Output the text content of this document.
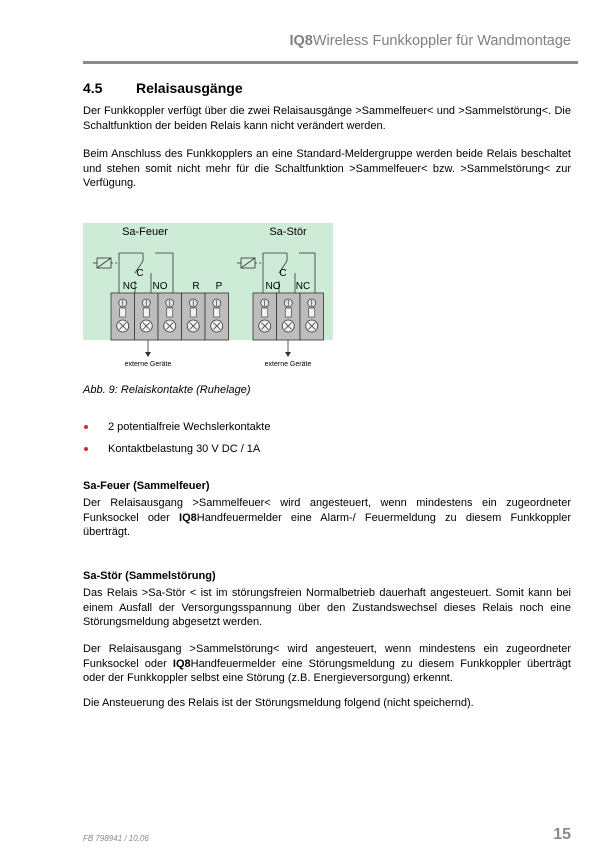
IQ8Wireless Funkkoppler für Wandmontage
4.5 Relaisausgänge

Der Funkkoppler verfügt über die zwei Relaisausgänge >Sammelfeuer< und >Sammelstörung<. Die Schaltfunktion der beiden Relais kann nicht verändert werden.

Beim Anschluss des Funkkopplers an eine Standard-Meldergruppe werden beide Relais beschaltet und stehen somit nicht mehr für die Schaltfunktion >Sammelfeuer< bzw. >Sammelstörung< zur Verfügung.

Sa-Feuer
C
NC NO R P
externe Geräte
Sa-Stör
C
NO NC
externe Geräte
Abb. 9: Relaiskontakte (Ruhelage)
2 potentialfreie Wechslerkontakte
Kontaktbelastung 30 V DC / 1A
Sa-Feuer (Sammelfeuer)

Der Relaisausgang >Sammelfeuer< wird angesteuert, wenn mindestens ein zugeordneter Funksockel oder IQ8Handfeuermelder eine Alarm-/ Feuermeldung zu diesem Funkkoppler überträgt.

Sa-Stör (Sammelstörung)

Das Relais >Sa-Stör < ist im störungsfreien Normalbetrieb dauerhaft angesteuert. Somit kann bei einem Ausfall der Versorgungsspannung über den Zustandswechsel dieses Relais noch eine Störungsmeldung abgesetzt werden.

Der Relaisausgang >Sammelstörung< wird angesteuert, wenn mindestens ein zugeordneter Funksockel oder IQ8Handfeuermelder eine Störungsmeldung zu diesem Funkkoppler überträgt oder der Funkkoppler selbst eine Störung (z.B. Energieversorgung) erkennt.

Die Ansteuerung des Relais ist der Störungsmeldung folgend (nicht speichernd).

FB 798941 / 10.06	15
